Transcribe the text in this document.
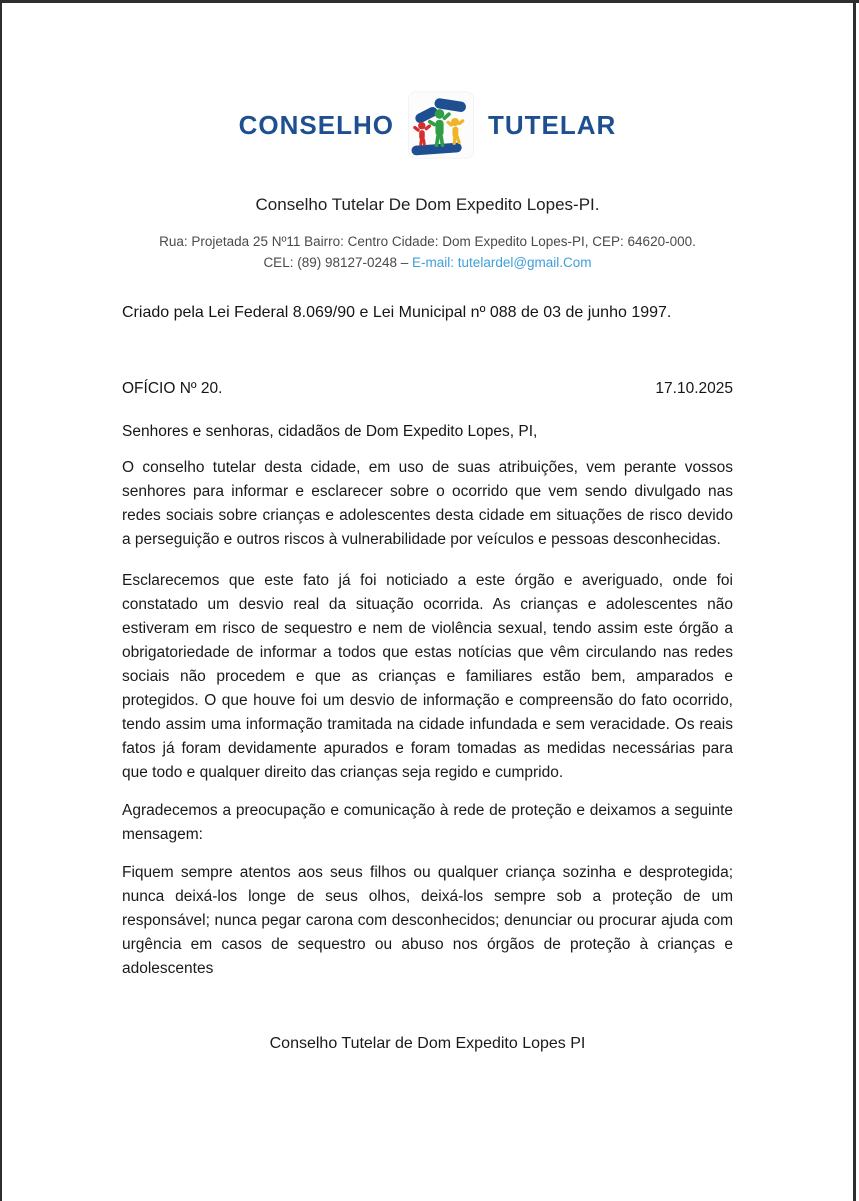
CONSELHO	TUTELAR
Conselho Tutelar De Dom Expedito Lopes-PI.
Rua: Projetada 25 Nº11 Bairro: Centro Cidade: Dom Expedito Lopes-PI, CEP: 64620-000.
CEL: (89) 98127-0248 – E-mail: tutelardel@gmail.Com

Criado pela Lei Federal 8.069/90 e Lei Municipal nº 088 de 03 de junho 1997.

OFÍCIO Nº 20.	17.10.2025

Senhores e senhoras, cidadãos de Dom Expedito Lopes, PI,

O conselho tutelar desta cidade, em uso de suas atribuições, vem perante vossos senhores para informar e esclarecer sobre o ocorrido que vem sendo divulgado nas redes sociais sobre crianças e adolescentes desta cidade em situações de risco devido a perseguição e outros riscos à vulnerabilidade por veículos e pessoas desconhecidas.

Esclarecemos que este fato já foi noticiado a este órgão e averiguado, onde foi constatado um desvio real da situação ocorrida. As crianças e adolescentes não estiveram em risco de sequestro e nem de violência sexual, tendo assim este órgão a obrigatoriedade de informar a todos que estas notícias que vêm circulando nas redes sociais não procedem e que as crianças e familiares estão bem, amparados e protegidos. O que houve foi um desvio de informação e compreensão do fato ocorrido, tendo assim uma informação tramitada na cidade infundada e sem veracidade. Os reais fatos já foram devidamente apurados e foram tomadas as medidas necessárias para que todo e qualquer direito das crianças seja regido e cumprido.

Agradecemos a preocupação e comunicação à rede de proteção e deixamos a seguinte mensagem:

Fiquem sempre atentos aos seus filhos ou qualquer criança sozinha e desprotegida; nunca deixá-los longe de seus olhos, deixá-los sempre sob a proteção de um responsável; nunca pegar carona com desconhecidos; denunciar ou procurar ajuda com urgência em casos de sequestro ou abuso nos órgãos de proteção à crianças e adolescentes

Conselho Tutelar de Dom Expedito Lopes PI
